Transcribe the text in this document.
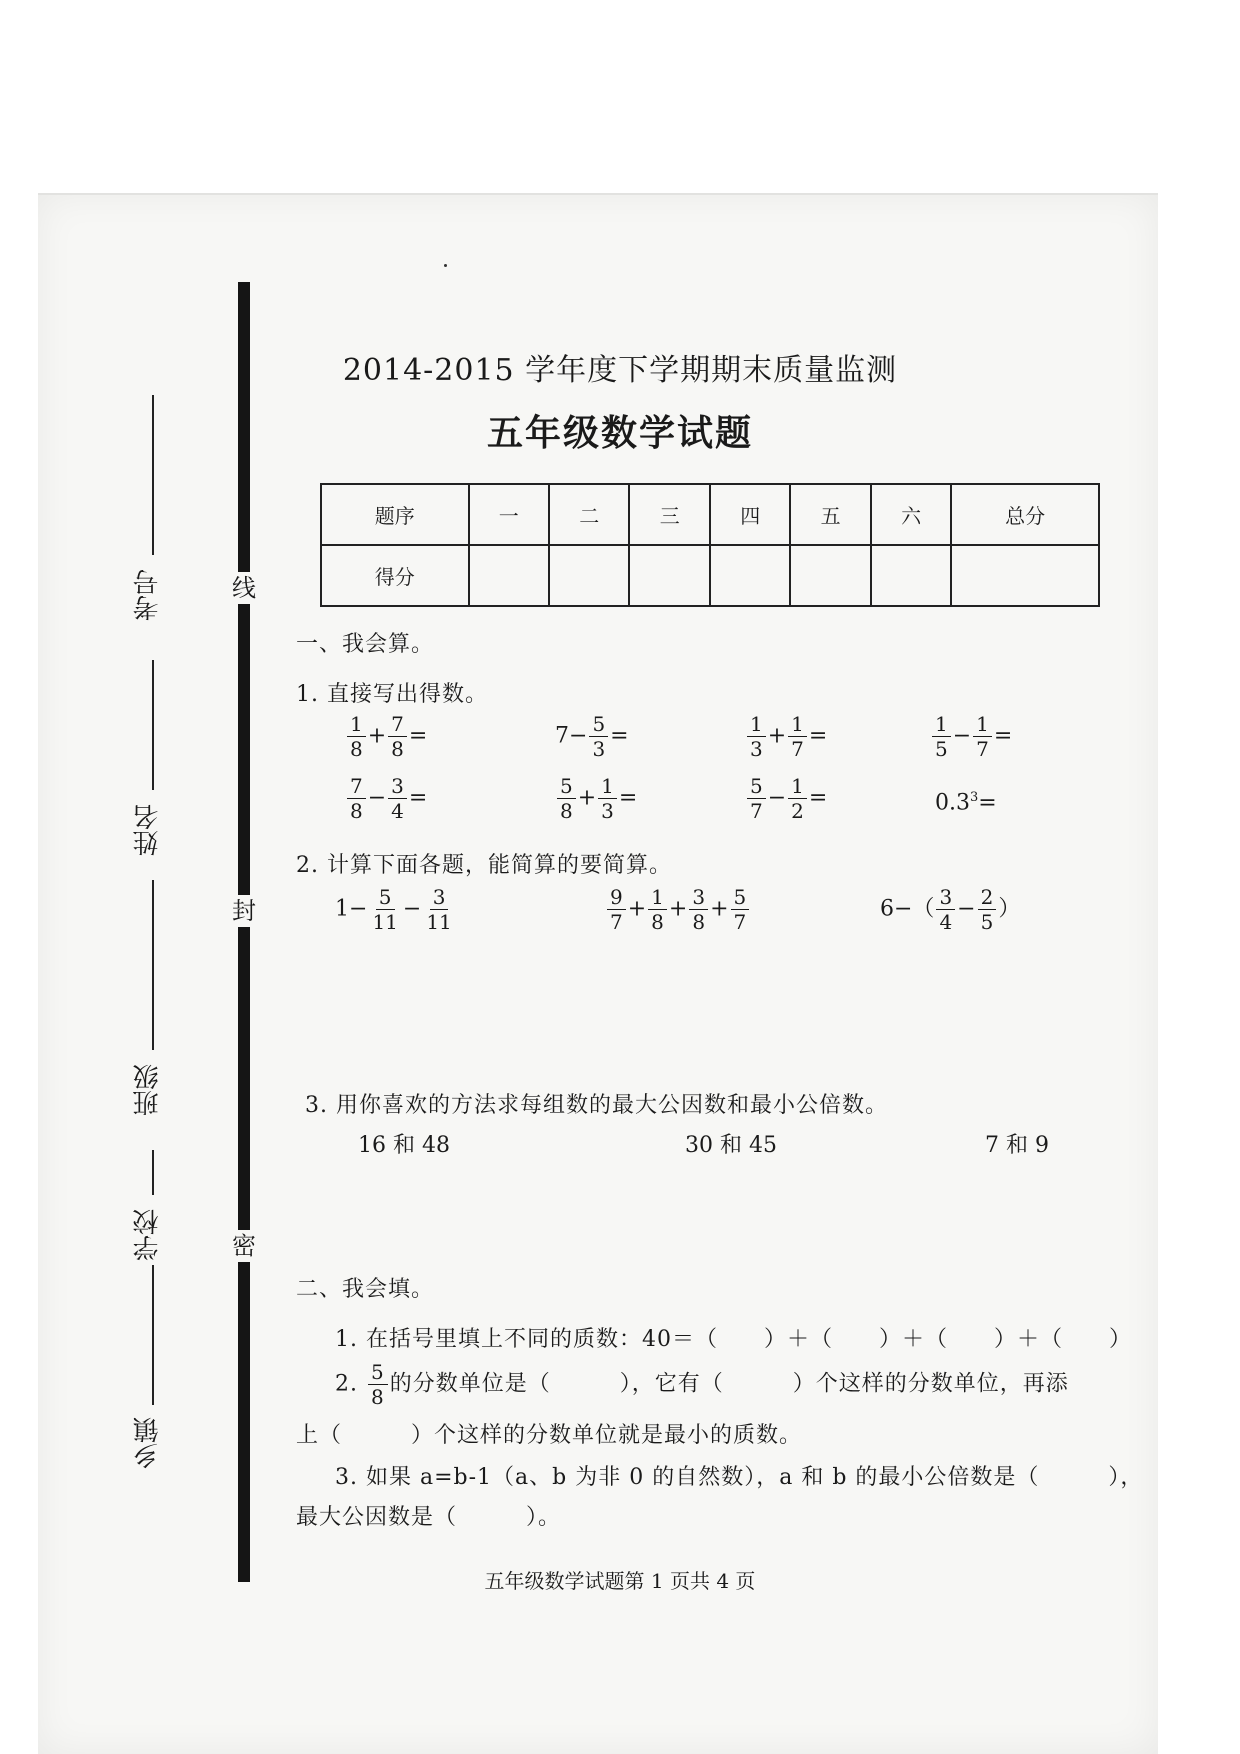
线
封
密
考号
姓名
班级
学校
乡镇
2014-2015 学年度下学期期末质量监测
五年级数学试题
题序	一	二	三	四	五	六	总分
得分							
一、我会算。
1. 直接写出得数。
$\frac{1}{8} + \frac{7}{8}$ =	$7- \frac{5}{3}$ =	$\frac{1}{3} + \frac{1}{7}$ =	$\frac{1}{5} - \frac{1}{7}$ =
$\frac{7}{8} - \frac{3}{4}$ =	$\frac{5}{8} + \frac{1}{3}$ =	$\frac{5}{7} - \frac{1}{2}$ =	$0.3^3=$
2. 计算下面各题，能简算的要简算。
$1- \frac{5}{11} - \frac{3}{11}$	$\frac{9}{7} + \frac{1}{8} + \frac{3}{8} + \frac{5}{7}$	$6-( \frac{3}{4} - \frac{2}{5}$ ）
3. 用你喜欢的方法求每组数的最大公因数和最小公倍数。
16 和 48	30 和 45	7 和 9
二、我会填。
1. 在括号里填上不同的质数：40＝（　　）＋（　　）＋（　　）＋（　　）
2. $\frac{5}{8}$ 的分数单位是（　　　），它有（　　　）个这样的分数单位，再添
上（　　　）个这样的分数单位就是最小的质数。
3. 如果 a=b-1（a、b 为非 0 的自然数），a 和 b 的最小公倍数是（　　　），
最大公因数是（　　　）。
五年级数学试题第 1 页共 4 页
